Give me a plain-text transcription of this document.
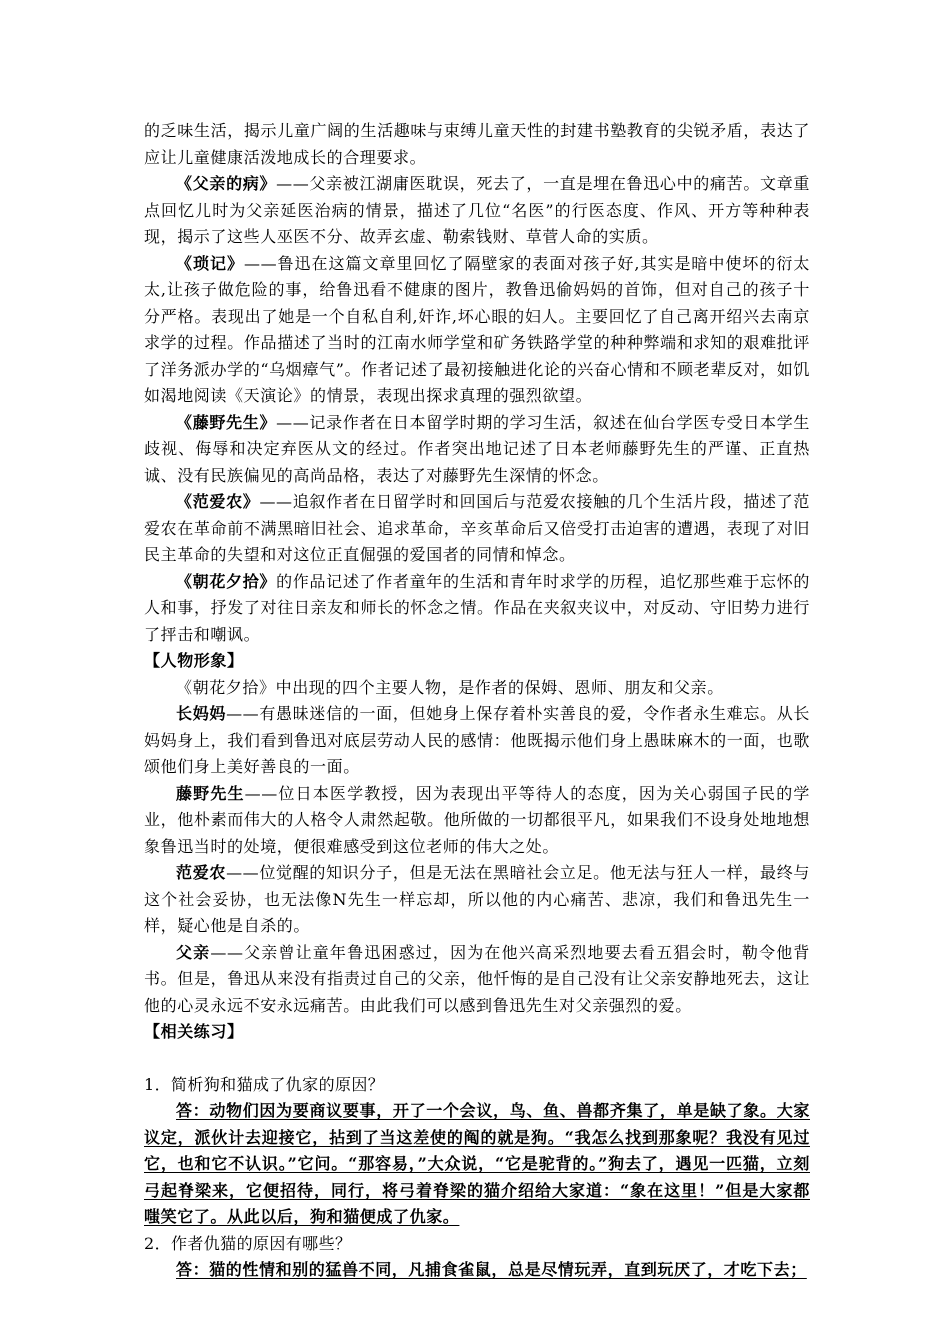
的乏味生活，揭示儿童广阔的生活趣味与束缚儿童天性的封建书塾教育的尖锐矛盾，表达了应让儿童健康活泼地成长的合理要求。

《父亲的病》——父亲被江湖庸医耽误，死去了，一直是埋在鲁迅心中的痛苦。文章重点回忆儿时为父亲延医治病的情景，描述了几位“名医”的行医态度、作风、开方等种种表现，揭示了这些人巫医不分、故弄玄虚、勒索钱财、草菅人命的实质。

《琐记》——鲁迅在这篇文章里回忆了隔壁家的表面对孩子好,其实是暗中使坏的衍太太,让孩子做危险的事，给鲁迅看不健康的图片，教鲁迅偷妈妈的首饰，但对自己的孩子十分严格。表现出了她是一个自私自利,奸诈,坏心眼的妇人。主要回忆了自己离开绍兴去南京求学的过程。作品描述了当时的江南水师学堂和矿务铁路学堂的种种弊端和求知的艰难批评了洋务派办学的“乌烟瘴气”。作者记述了最初接触进化论的兴奋心情和不顾老辈反对，如饥如渴地阅读《天演论》的情景，表现出探求真理的强烈欲望。

《藤野先生》——记录作者在日本留学时期的学习生活，叙述在仙台学医专受日本学生歧视、侮辱和决定弃医从文的经过。作者突出地记述了日本老师藤野先生的严谨、正直热诚、没有民族偏见的高尚品格，表达了对藤野先生深情的怀念。

《范爱农》——追叙作者在日留学时和回国后与范爱农接触的几个生活片段，描述了范爱农在革命前不满黑暗旧社会、追求革命，辛亥革命后又倍受打击迫害的遭遇，表现了对旧民主革命的失望和对这位正直倔强的爱国者的同情和悼念。

《朝花夕拾》的作品记述了作者童年的生活和青年时求学的历程，追忆那些难于忘怀的人和事，抒发了对往日亲友和师长的怀念之情。作品在夹叙夹议中，对反动、守旧势力进行了抨击和嘲讽。

【人物形象】

《朝花夕拾》中出现的四个主要人物，是作者的保姆、恩师、朋友和父亲。

长妈妈——有愚昧迷信的一面，但她身上保存着朴实善良的爱，令作者永生难忘。从长妈妈身上，我们看到鲁迅对底层劳动人民的感情：他既揭示他们身上愚昧麻木的一面，也歌颂他们身上美好善良的一面。

藤野先生——位日本医学教授，因为表现出平等待人的态度，因为关心弱国子民的学业，他朴素而伟大的人格令人肃然起敬。他所做的一切都很平凡，如果我们不设身处地地想象鲁迅当时的处境，便很难感受到这位老师的伟大之处。

范爱农——位觉醒的知识分子，但是无法在黑暗社会立足。他无法与狂人一样，最终与这个社会妥协，也无法像N先生一样忘却，所以他的内心痛苦、悲凉，我们和鲁迅先生一样，疑心他是自杀的。

父亲——父亲曾让童年鲁迅困惑过，因为在他兴高采烈地要去看五猖会时，勒令他背书。但是，鲁迅从来没有指责过自己的父亲，他忏悔的是自己没有让父亲安静地死去，这让他的心灵永远不安永远痛苦。由此我们可以感到鲁迅先生对父亲强烈的爱。

【相关练习】

1．简析狗和猫成了仇家的原因？

答：动物们因为要商议要事，开了一个会议，鸟、鱼、兽都齐集了，单是缺了象。大家议定，派伙计去迎接它，拈到了当这差使的阄的就是狗。“我怎么找到那象呢？我没有见过它，也和它不认识。”它问。“那容易，”大众说，“它是驼背的。”狗去了，遇见一匹猫，立刻弓起脊梁来，它便招待，同行，将弓着脊梁的猫介绍给大家道：“象在这里！”但是大家都嗤笑它了。从此以后，狗和猫便成了仇家。

2．作者仇猫的原因有哪些？

答：猫的性情和别的猛兽不同，凡捕食雀鼠，总是尽情玩弄，直到玩厌了，才吃下去；
